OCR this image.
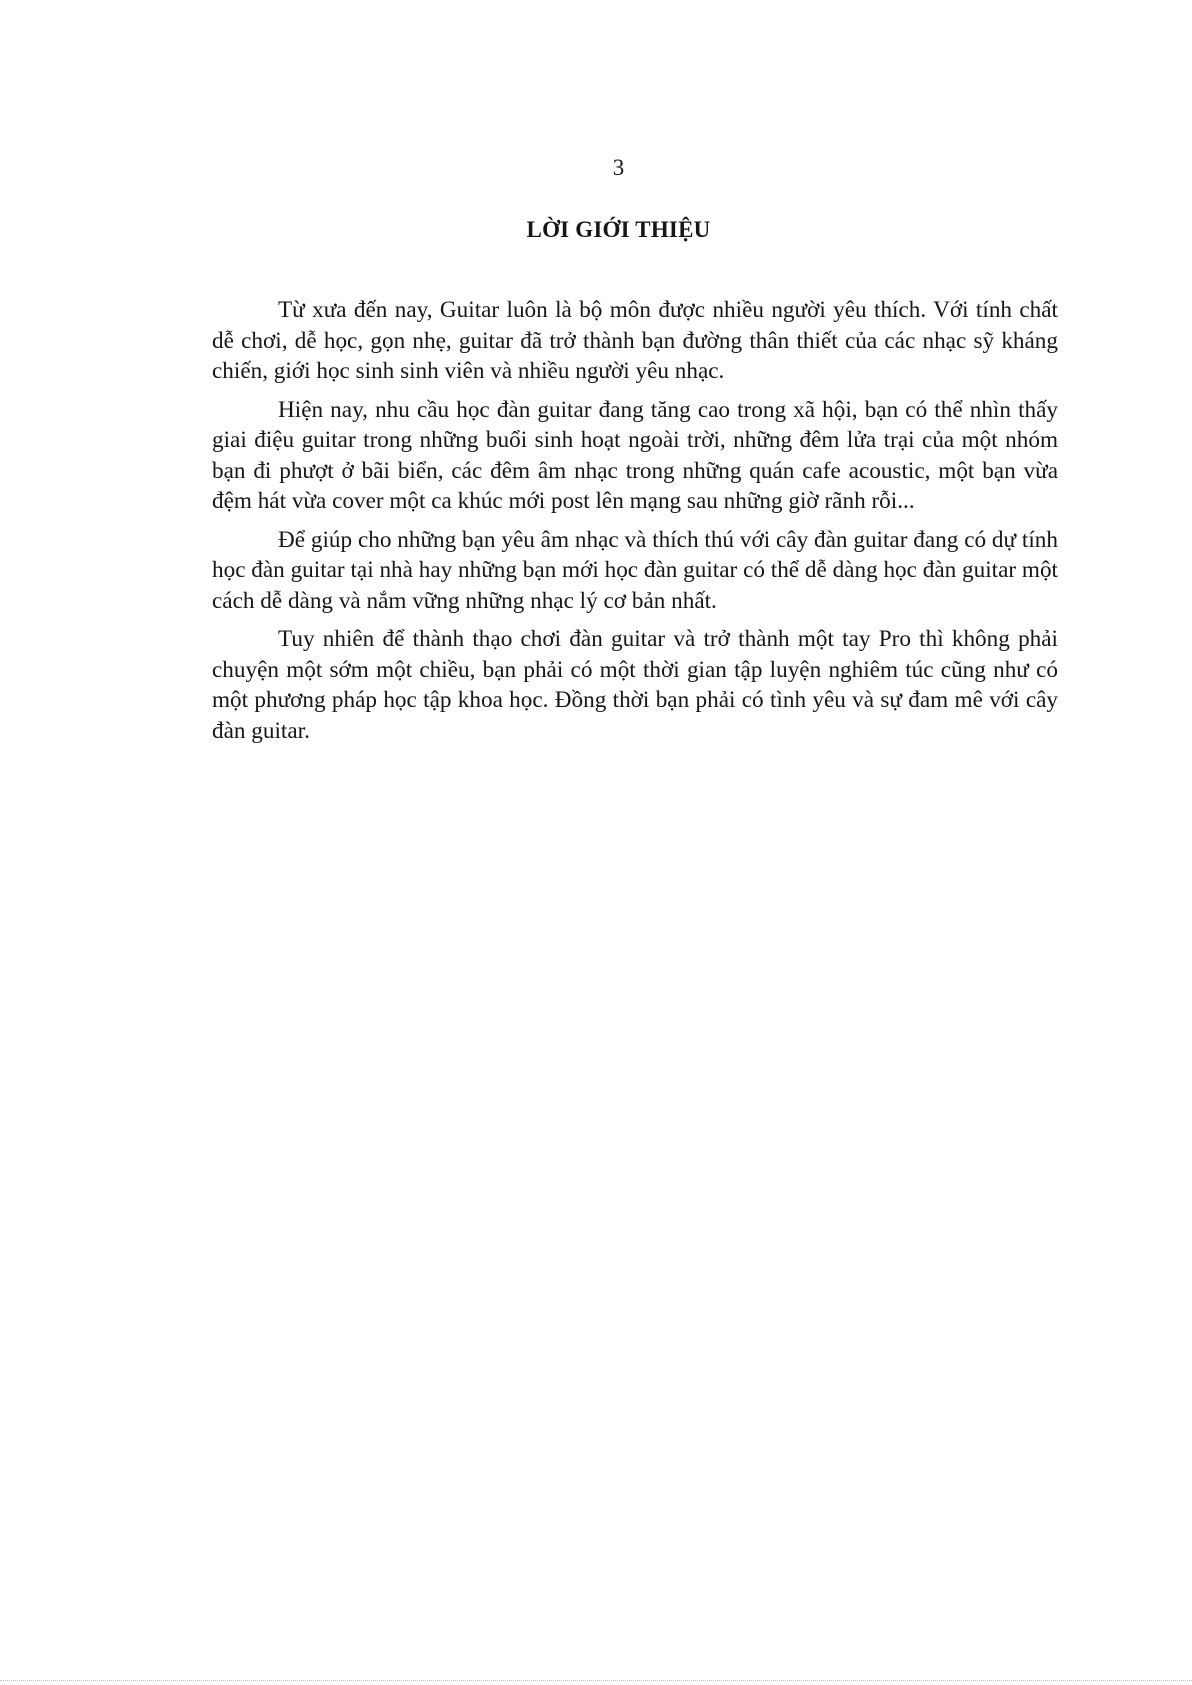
3

LỜI GIỚI THIỆU

Từ xưa đến nay, Guitar luôn là bộ môn được nhiều người yêu thích. Với tính chất dễ chơi, dễ học, gọn nhẹ, guitar đã trở thành bạn đường thân thiết của các nhạc sỹ kháng chiến, giới học sinh sinh viên và nhiều người yêu nhạc.

Hiện nay, nhu cầu học đàn guitar đang tăng cao trong xã hội, bạn có thể nhìn thấy giai điệu guitar trong những buổi sinh hoạt ngoài trời, những đêm lửa trại của một nhóm bạn đi phượt ở bãi biển, các đêm âm nhạc trong những quán cafe acoustic, một bạn vừa đệm hát vừa cover một ca khúc mới post lên mạng sau những giờ rãnh rỗi...

Để giúp cho những bạn yêu âm nhạc và thích thú với cây đàn guitar đang có dự tính học đàn guitar tại nhà hay những bạn mới học đàn guitar có thể dễ dàng học đàn guitar một cách dễ dàng và nắm vững những nhạc lý cơ bản nhất.

Tuy nhiên để thành thạo chơi đàn guitar và trở thành một tay Pro thì không phải chuyện một sớm một chiều, bạn phải có một thời gian tập luyện nghiêm túc cũng như có một phương pháp học tập khoa học. Đồng thời bạn phải có tình yêu và sự đam mê với cây đàn guitar.
